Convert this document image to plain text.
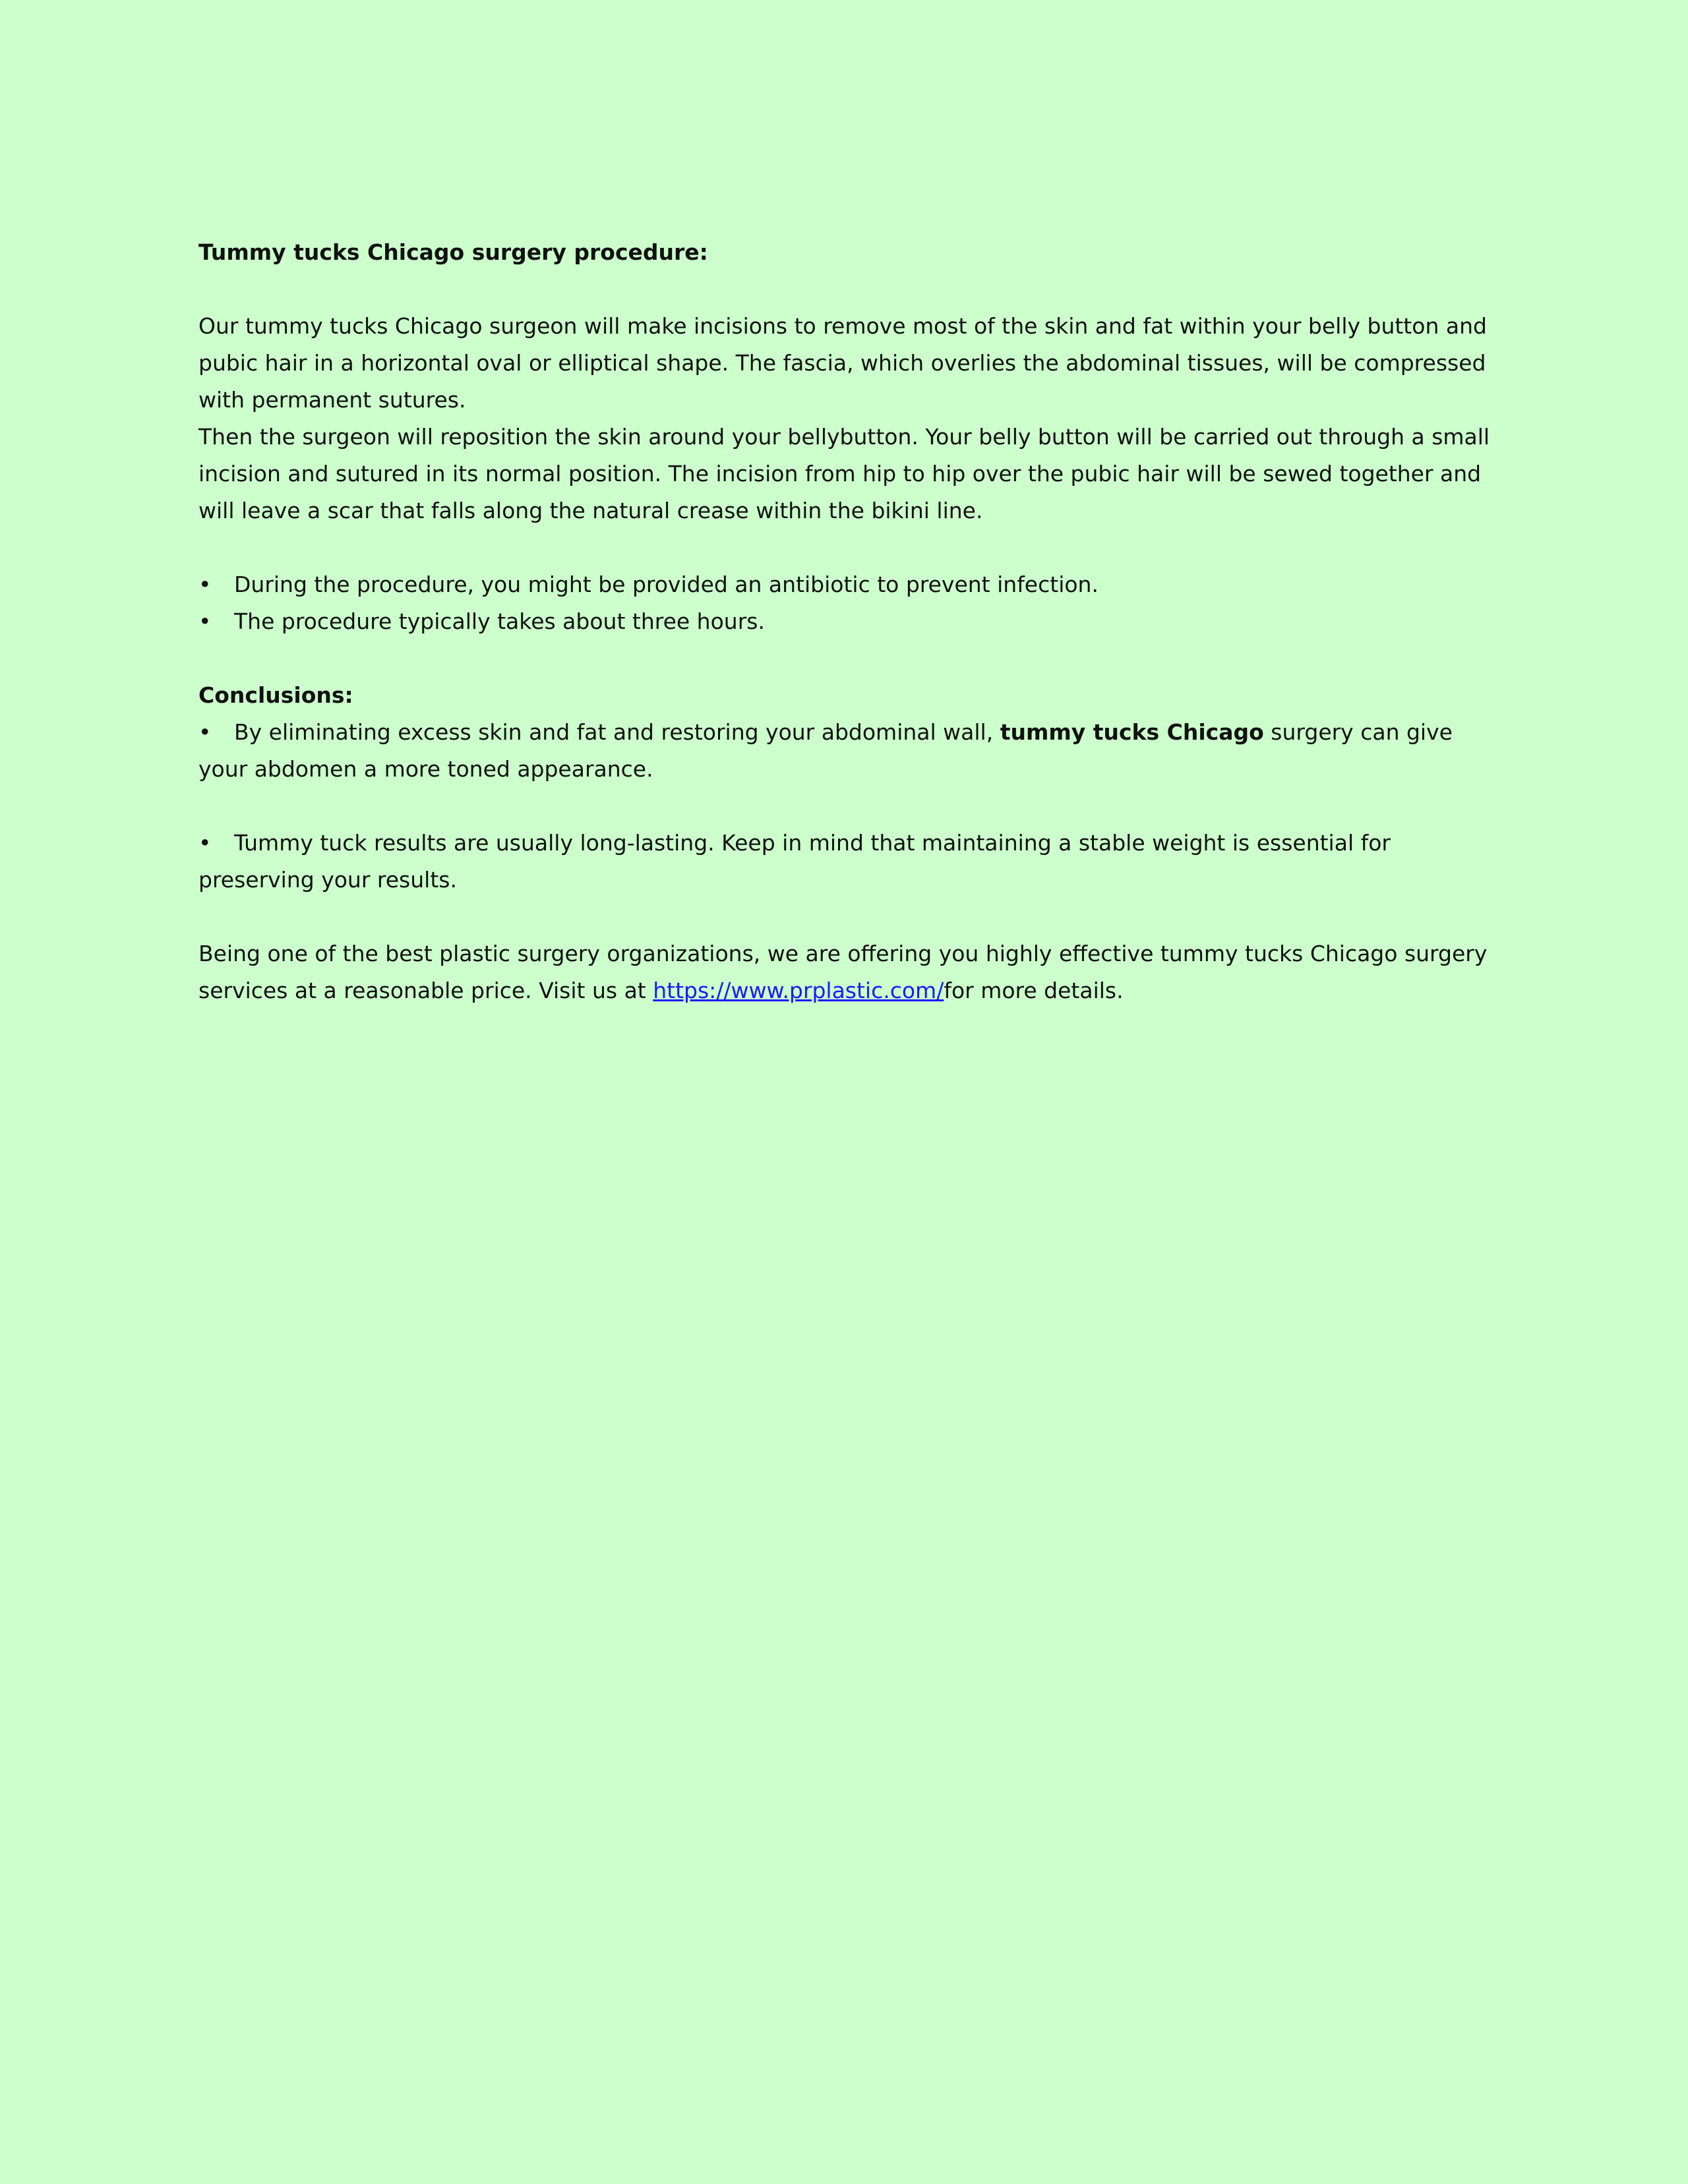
Tummy tucks Chicago surgery procedure:

Our tummy tucks Chicago surgeon will make incisions to remove most of the skin and fat within your belly button and pubic hair in a horizontal oval or elliptical shape. The fascia, which overlies the abdominal tissues, will be compressed with permanent sutures.

Then the surgeon will reposition the skin around your bellybutton. Your belly button will be carried out through a small incision and sutured in its normal position. The incision from hip to hip over the pubic hair will be sewed together and will leave a scar that falls along the natural crease within the bikini line.

• During the procedure, you might be provided an antibiotic to prevent infection.

• The procedure typically takes about three hours.

Conclusions:

• By eliminating excess skin and fat and restoring your abdominal wall, tummy tucks Chicago surgery can give your abdomen a more toned appearance.

• Tummy tuck results are usually long-lasting. Keep in mind that maintaining a stable weight is essential for preserving your results.

Being one of the best plastic surgery organizations, we are offering you highly effective tummy tucks Chicago surgery services at a reasonable price. Visit us at https://www.prplastic.com/for more details.
